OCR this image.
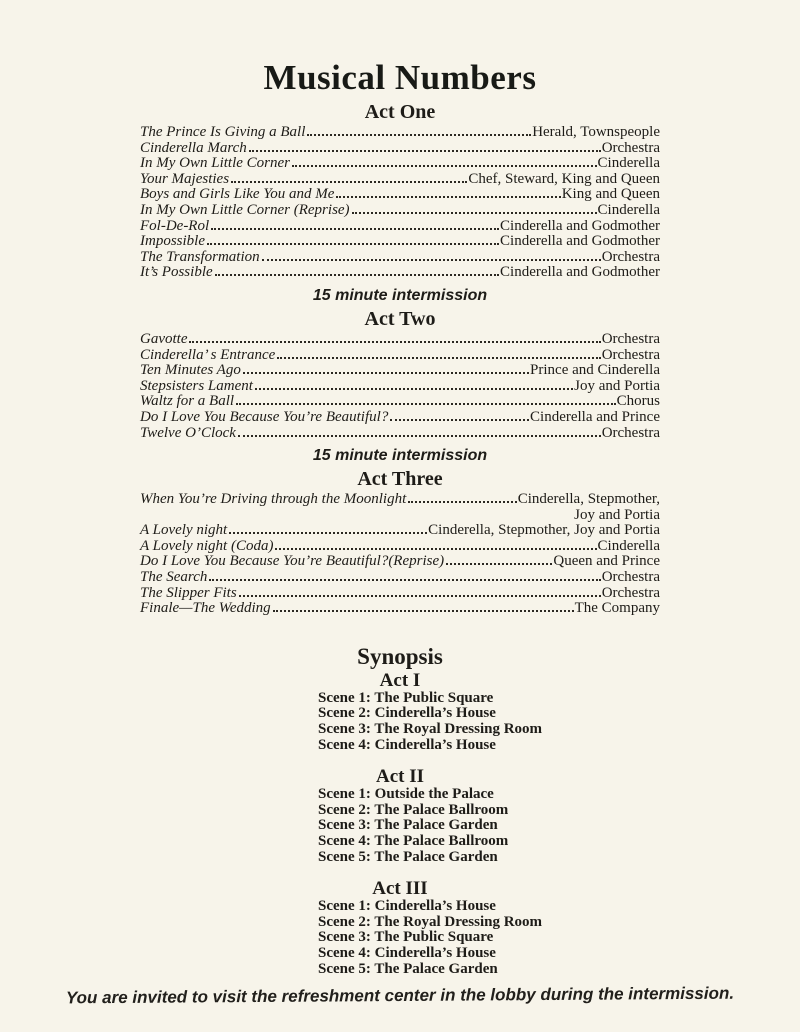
Musical Numbers
Act One
The Prince Is Giving a Ball	Herald, Townspeople
Cinderella March	Orchestra
In My Own Little Corner	Cinderella
Your Majesties	Chef, Steward, King and Queen
Boys and Girls Like You and Me	King and Queen
In My Own Little Corner (Reprise)	Cinderella
Fol-De-Rol	Cinderella and Godmother
Impossible	Cinderella and Godmother
The Transformation	Orchestra
It’s Possible	Cinderella and Godmother
15 minute intermission
Act Two
Gavotte	Orchestra
Cinderella’ s Entrance	Orchestra
Ten Minutes Ago	Prince and Cinderella
Stepsisters Lament	Joy and Portia
Waltz for a Ball	Chorus
Do I Love You Because You’re Beautiful?	Cinderella and Prince
Twelve O’Clock	Orchestra
15 minute intermission
Act Three
When You’re Driving through the Moonlight	Cinderella, Stepmother,
Joy and Portia
A Lovely night	Cinderella, Stepmother, Joy and Portia
A Lovely night (Coda)	Cinderella
Do I Love You Because You’re Beautiful?(Reprise)	Queen and Prince
The Search	Orchestra
The Slipper Fits	Orchestra
Finale—The Wedding	The Company
Synopsis
Act I
Scene 1: The Public Square
Scene 2: Cinderella’s House
Scene 3: The Royal Dressing Room
Scene 4: Cinderella’s House
Act II
Scene 1: Outside the Palace
Scene 2: The Palace Ballroom
Scene 3: The Palace Garden
Scene 4: The Palace Ballroom
Scene 5: The Palace Garden
Act III
Scene 1: Cinderella’s House
Scene 2: The Royal Dressing Room
Scene 3: The Public Square
Scene 4: Cinderella’s House
Scene 5: The Palace Garden
You are invited to visit the refreshment center in the lobby during the intermission.
